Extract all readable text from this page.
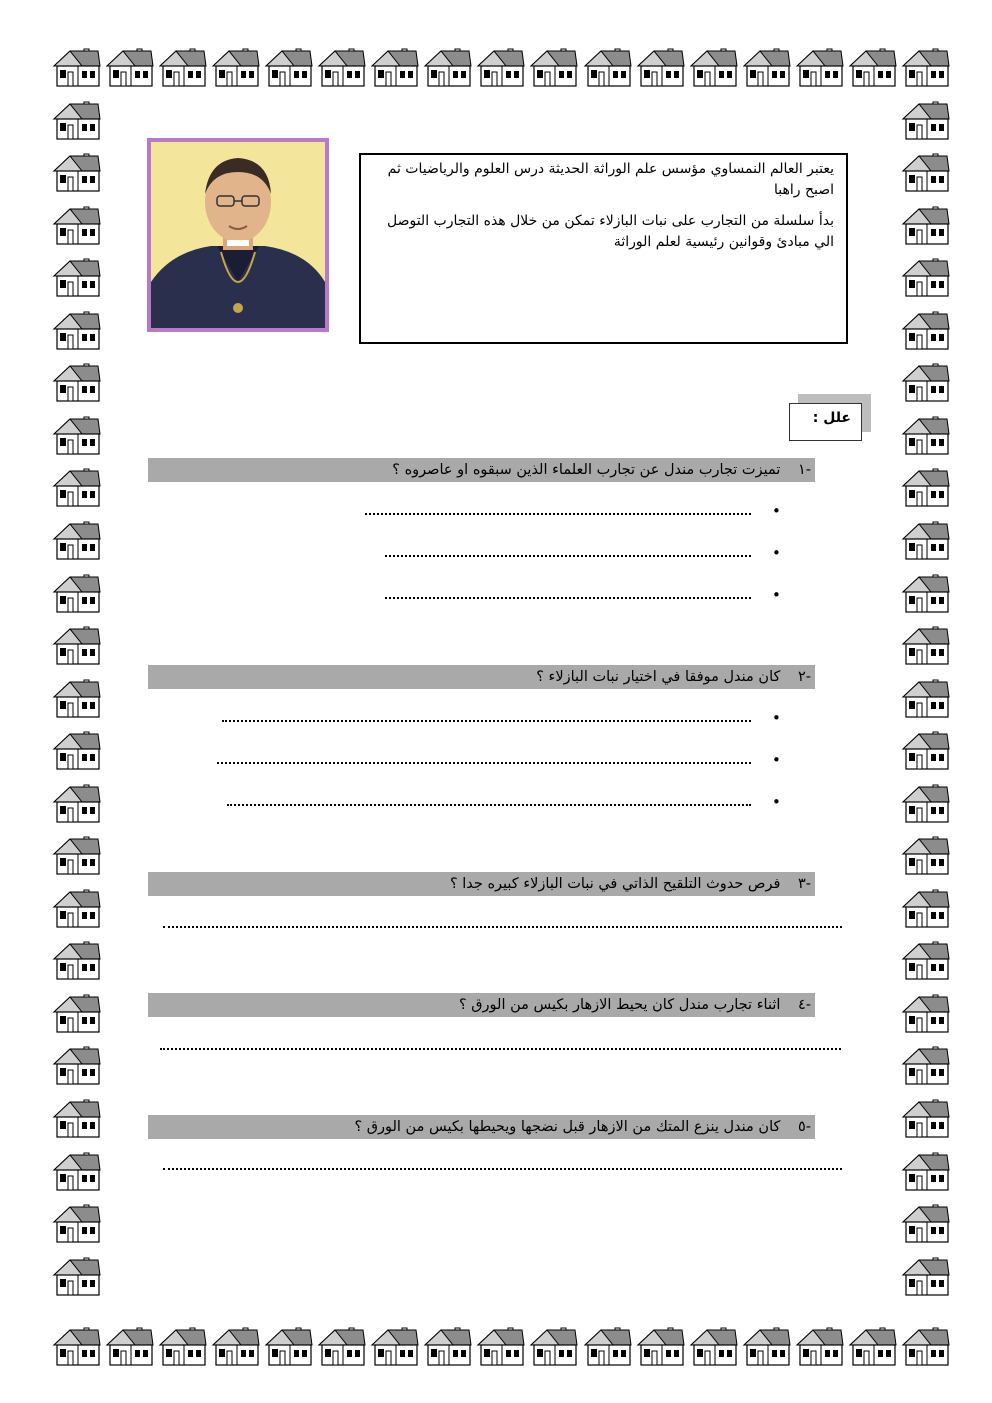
يعتبر العالم النمساوي مؤسس علم الوراثة الحديثة درس العلوم والرياضيات ثم اصبح راهبا

بدأ سلسلة من التجارب على نبات البازلاء تمكن من خلال هذه التجارب التوصل الي مبادئ وقوانين رئيسية لعلم الوراثة

علل :
-١ تميزت تجارب مندل عن تجارب العلماء الذين سبقوه او عاصروه ؟
•
•
•
-٢ كان مندل موفقا في اختيار نبات البازلاء ؟
•
•
•
-٣ فرص حدوث التلقيح الذاتي في نبات البازلاء كبيره جدا ؟
-٤ اثناء تجارب مندل كان يحيط الازهار بكيس من الورق ؟
-٥ كان مندل ينزع المتك من الازهار قبل نضجها ويحيطها بكيس من الورق ؟
